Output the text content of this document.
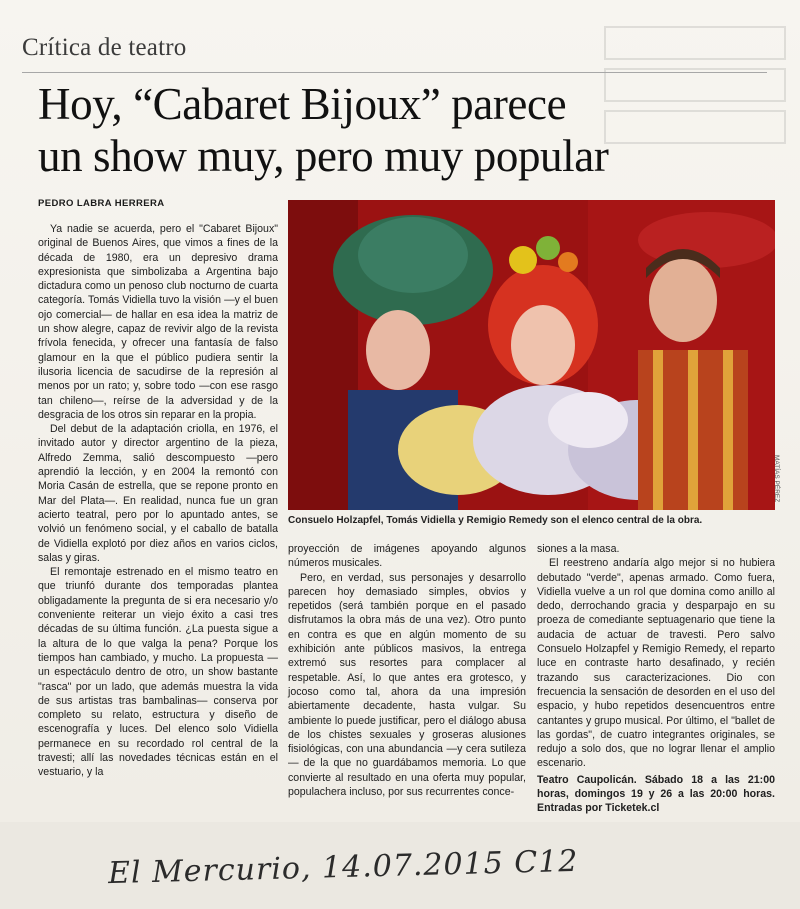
Crítica de teatro
Hoy, “Cabaret Bijoux” parece
un show muy, pero muy popular
PEDRO LABRA HERRERA

Ya nadie se acuerda, pero el "Cabaret Bijoux" original de Buenos Aires, que vimos a fines de la década de 1980, era un depresivo drama expresionista que simbolizaba a Argentina bajo dictadura como un penoso club nocturno de cuarta categoría. Tomás Vidiella tuvo la visión —y el buen ojo comercial— de hallar en esa idea la matriz de un show alegre, capaz de revivir algo de la revista frívola fenecida, y ofrecer una fantasía de falso glamour en la que el público pudiera sentir la ilusoria licencia de sacudirse de la represión al menos por un rato; y, sobre todo —con ese rasgo tan chileno—, reírse de la adversidad y de la desgracia de los otros sin reparar en la propia.

Del debut de la adaptación criolla, en 1976, el invitado autor y director argentino de la pieza, Alfredo Zemma, salió descompuesto —pero aprendió la lección, y en 2004 la remontó con Moria Casán de estrella, que se repone pronto en Mar del Plata—. En realidad, nunca fue un gran acierto teatral, pero por lo apuntado antes, se volvió un fenómeno social, y el caballo de batalla de Vidiella explotó por diez años en varios ciclos, salas y giras.

El remontaje estrenado en el mismo teatro en que triunfó durante dos temporadas plantea obligadamente la pregunta de si era necesario y/o conveniente reiterar un viejo éxito a casi tres décadas de su última función. ¿La puesta sigue a la altura de lo que valga la pena? Porque los tiempos han cambiado, y mucho. La propuesta —un espectáculo dentro de otro, un show bastante "rasca" por un lado, que además muestra la vida de sus artistas tras bambalinas— conserva por completo su relato, estructura y diseño de escenografía y luces. Del elenco solo Vidiella permanece en su recordado rol central de la travesti; allí las novedades técnicas están en el vestuario, y la

Consuelo Holzapfel, Tomás Vidiella y Remigio Remedy son el elenco central de la obra.
MATÍAS PÉREZ

proyección de imágenes apoyando algunos números musicales.

Pero, en verdad, sus personajes y desarrollo parecen hoy demasiado simples, obvios y repetidos (será también porque en el pasado disfrutamos la obra más de una vez). Otro punto en contra es que en algún momento de su exhibición ante públicos masivos, la entrega extremó sus resortes para complacer al respetable. Así, lo que antes era grotesco, y jocoso como tal, ahora da una impresión abiertamente decadente, hasta vulgar. Su ambiente lo puede justificar, pero el diálogo abusa de los chistes sexuales y groseras alusiones fisiológicas, con una abundancia —y cera sutileza— de la que no guardábamos memoria. Lo que convierte al resultado en una oferta muy popular, populachera incluso, por sus recurrentes conce-

siones a la masa.

El reestreno andaría algo mejor si no hubiera debutado "verde", apenas armado. Como fuera, Vidiella vuelve a un rol que domina como anillo al dedo, derrochando gracia y desparpajo en su proeza de comediante septuagenario que tiene la audacia de actuar de travesti. Pero salvo Consuelo Holzapfel y Remigio Remedy, el reparto luce en contraste harto desafinado, y recién trazando sus caracterizaciones. Dio con frecuencia la sensación de desorden en el uso del espacio, y hubo repetidos desencuentros entre cantantes y grupo musical. Por último, el "ballet de las gordas", de cuatro integrantes originales, se redujo a solo dos, que no lograr llenar el amplio escenario.

Teatro Caupolicán. Sábado 18 a las 21:00 horas, domingos 19 y 26 a las 20:00 horas. Entradas por Ticketek.cl

El Mercurio, 14.07.2015 C12
